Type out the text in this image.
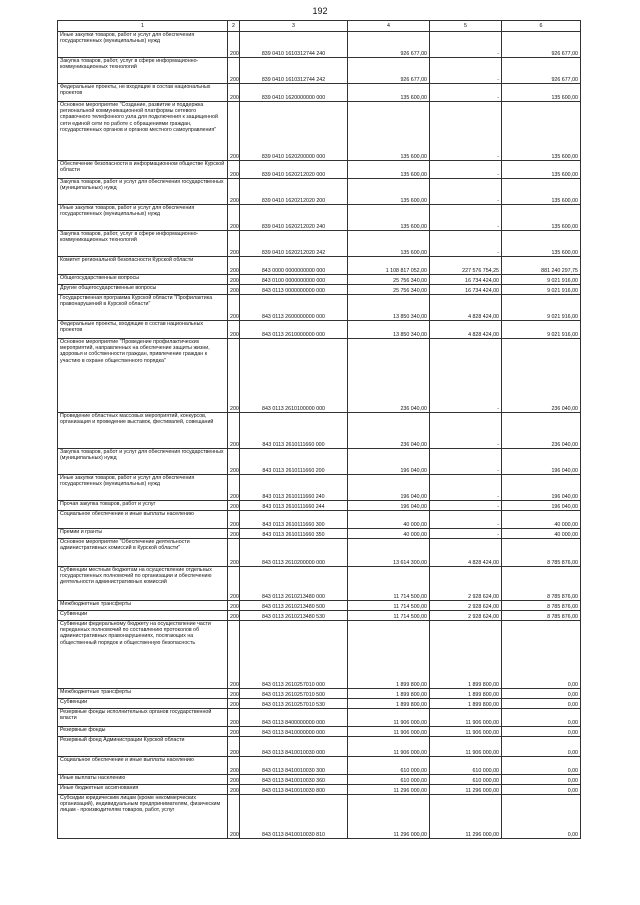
192
1	2	3	4	5	6
Иные закупки товаров, работ и услуг для обеспечения государственных (муниципальных) нужд	200	839 0410 1610312744 240	926 677,00	-	926 677,00
Закупка товаров, работ, услуг в сфере информационно-коммуникационных технологий	200	839 0410 1610312744 242	926 677,00	-	926 677,00
Федеральные проекты, не входящие в состав национальных проектов	200	839 0410 1620000000 000	135 600,00	-	135 600,00
Основное мероприятие "Создание, развитие и поддержка региональной коммуникационной платформы сетевого справочного телефонного узла для подключения к защищенной сети единой сети по работе с обращениями граждан, государственных органов и органов местного самоуправления"	200	839 0410 1620200000 000	135 600,00	-	135 600,00
Обеспечение безопасности в информационном обществе Курской области	200	839 0410 1620212020 000	135 600,00	-	135 600,00
Закупка товаров, работ и услуг для обеспечения государственных (муниципальных) нужд	200	839 0410 1620212020 200	135 600,00	-	135 600,00
Иные закупки товаров, работ и услуг для обеспечения государственных (муниципальных) нужд	200	839 0410 1620212020 240	135 600,00	-	135 600,00
Закупка товаров, работ, услуг в сфере информационно-коммуникационных технологий	200	839 0410 1620212020 242	135 600,00	-	135 600,00
Комитет региональной безопасности Курской области	200	843 0000 0000000000 000	1 108 817 052,00	227 576 754,25	881 240 297,75
Общегосударственные вопросы	200	843 0100 0000000000 000	25 756 340,00	16 734 424,00	9 021 916,00
Другие общегосударственные вопросы	200	843 0113 0000000000 000	25 756 340,00	16 734 424,00	9 021 916,00
Государственная программа Курской области "Профилактика правонарушений в Курской области"	200	843 0113 2600000000 000	13 850 340,00	4 828 424,00	9 021 916,00
Федеральные проекты, входящие в состав национальных проектов	200	843 0113 2610000000 000	13 850 340,00	4 828 424,00	9 021 916,00
Основное мероприятие "Проведение профилактических мероприятий, направленных на обеспечение защиты жизни, здоровья и собственности граждан, привлечение граждан к участию в охране общественного порядка"	200	843 0113 2610100000 000	236 040,00	-	236 040,00
Проведение областных массовых мероприятий, конкурсов, организация и проведение выставок, фестивалей, совещаний	200	843 0113 2610111660 000	236 040,00	-	236 040,00
Закупка товаров, работ и услуг для обеспечения государственных (муниципальных) нужд	200	843 0113 2610111660 200	196 040,00	-	196 040,00
Иные закупки товаров, работ и услуг для обеспечения государственных (муниципальных) нужд	200	843 0113 2610111660 240	196 040,00	-	196 040,00
Прочая закупка товаров, работ и услуг	200	843 0113 2610111660 244	196 040,00	-	196 040,00
Социальное обеспечение и иные выплаты населению	200	843 0113 2610111660 300	40 000,00	-	40 000,00
Премии и гранты	200	843 0113 2610111660 350	40 000,00	-	40 000,00
Основное мероприятие "Обеспечение деятельности административных комиссий в Курской области"	200	843 0113 2610200000 000	13 614 300,00	4 828 424,00	8 785 876,00
Субвенции местным бюджетам на осуществление отдельных государственных полномочий по организации и обеспечению деятельности административных комиссий	200	843 0113 2610213480 000	11 714 500,00	2 928 624,00	8 785 876,00
Межбюджетные трансферты	200	843 0113 2610213480 500	11 714 500,00	2 928 624,00	8 785 876,00
Субвенции	200	843 0113 2610213480 530	11 714 500,00	2 928 624,00	8 785 876,00
Субвенции федеральному бюджету на осуществление части переданных полномочий по составлению протоколов об административных правонарушениях, посягающих на общественный порядок и общественную безопасность	200	843 0113 2610257010 000	1 899 800,00	1 899 800,00	0,00
Межбюджетные трансферты	200	843 0113 2610257010 500	1 899 800,00	1 899 800,00	0,00
Субвенции	200	843 0113 2610257010 530	1 899 800,00	1 899 800,00	0,00
Резервные фонды исполнительных органов государственной власти	200	843 0113 8400000000 000	11 906 000,00	11 906 000,00	0,00
Резервные фонды	200	843 0113 8410000000 000	11 906 000,00	11 906 000,00	0,00
Резервный фонд Администрации Курской области	200	843 0113 8410010030 000	11 906 000,00	11 906 000,00	0,00
Социальное обеспечение и иные выплаты населению	200	843 0113 8410010030 300	610 000,00	610 000,00	0,00
Иные выплаты населению	200	843 0113 8410010030 360	610 000,00	610 000,00	0,00
Иные бюджетные ассигнования	200	843 0113 8410010030 800	11 296 000,00	11 296 000,00	0,00
Субсидии юридическим лицам (кроме некоммерческих организаций), индивидуальным предпринимателям, физическим лицам - производителям товаров, работ, услуг	200	843 0113 8410010030 810	11 296 000,00	11 296 000,00	0,00
